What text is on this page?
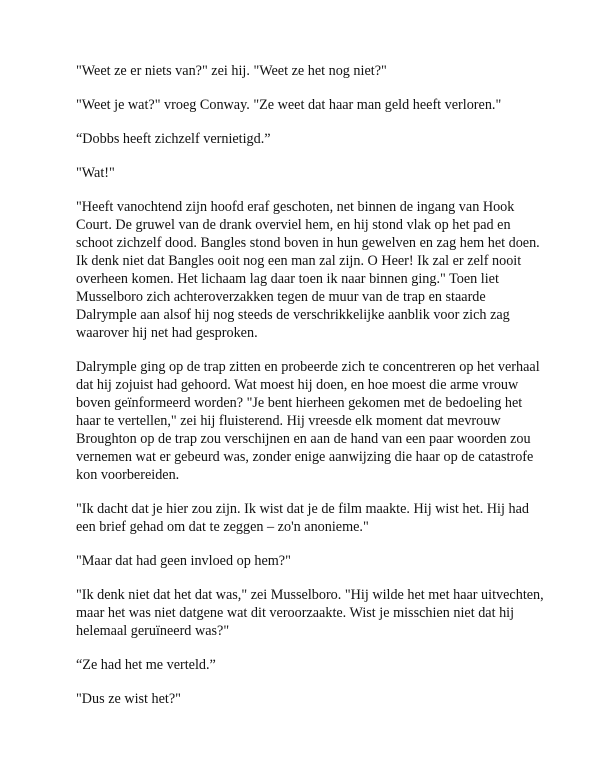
"Weet ze er niets van?" zei hij. "Weet ze het nog niet?"

"Weet je wat?" vroeg Conway. "Ze weet dat haar man geld heeft verloren."

“Dobbs heeft zichzelf vernietigd.”

"Wat!"

"Heeft vanochtend zijn hoofd eraf geschoten, net binnen de ingang van Hook Court. De gruwel van de drank overviel hem, en hij stond vlak op het pad en schoot zichzelf dood. Bangles stond boven in hun gewelven en zag hem het doen. Ik denk niet dat Bangles ooit nog een man zal zijn. O Heer! Ik zal er zelf nooit overheen komen. Het lichaam lag daar toen ik naar binnen ging." Toen liet Musselboro zich achteroverzakken tegen de muur van de trap en staarde Dalrymple aan alsof hij nog steeds de verschrikkelijke aanblik voor zich zag waarover hij net had gesproken.

Dalrymple ging op de trap zitten en probeerde zich te concentreren op het verhaal dat hij zojuist had gehoord. Wat moest hij doen, en hoe moest die arme vrouw boven geïnformeerd worden? "Je bent hierheen gekomen met de bedoeling het haar te vertellen," zei hij fluisterend. Hij vreesde elk moment dat mevrouw Broughton op de trap zou verschijnen en aan de hand van een paar woorden zou vernemen wat er gebeurd was, zonder enige aanwijzing die haar op de catastrofe kon voorbereiden.

"Ik dacht dat je hier zou zijn. Ik wist dat je de film maakte. Hij wist het. Hij had een brief gehad om dat te zeggen – zo'n anonieme."

"Maar dat had geen invloed op hem?"

"Ik denk niet dat het dat was," zei Musselboro. "Hij wilde het met haar uitvechten, maar het was niet datgene wat dit veroorzaakte. Wist je misschien niet dat hij helemaal geruïneerd was?"

“Ze had het me verteld.”

"Dus ze wist het?"
